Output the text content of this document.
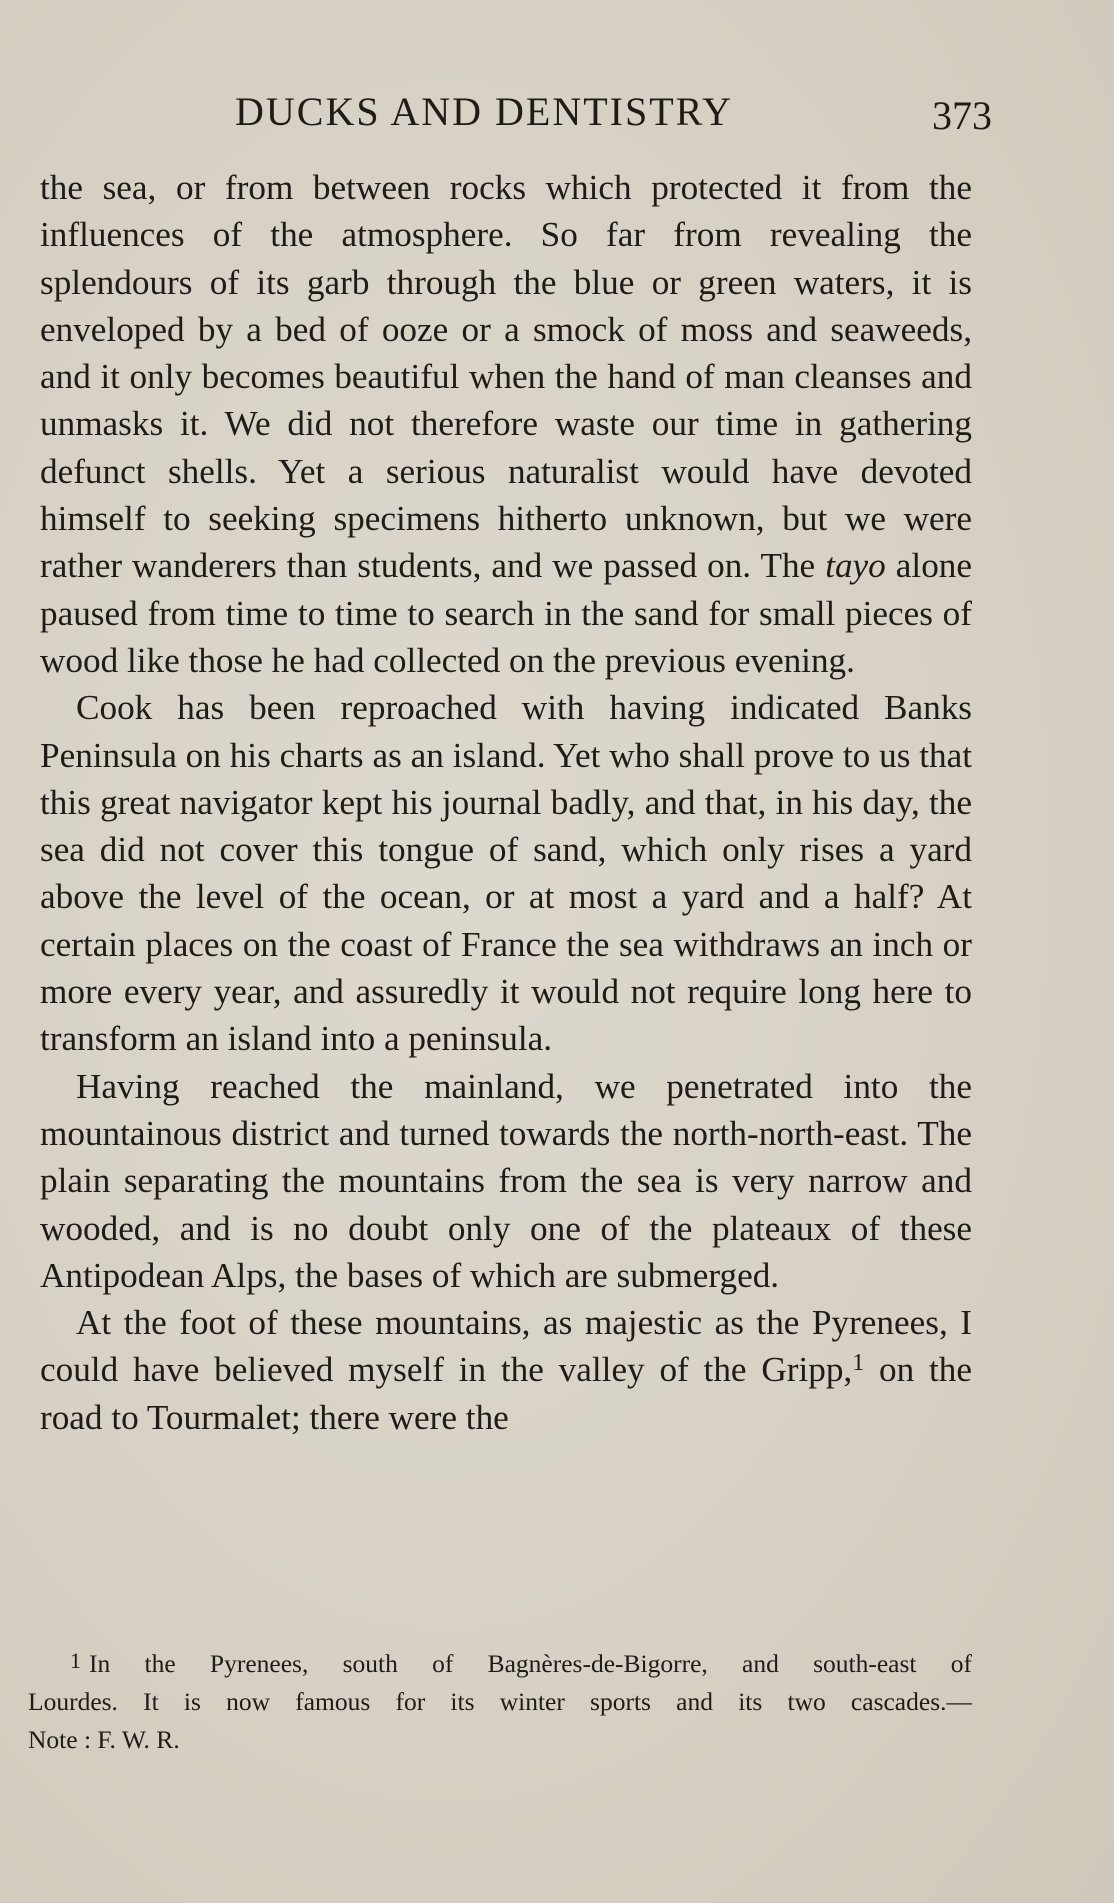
DUCKS AND DENTISTRY	373

the sea, or from between rocks which protected it from the influences of the atmosphere. So far from revealing the splendours of its garb through the blue or green waters, it is enveloped by a bed of ooze or a smock of moss and seaweeds, and it only becomes beautiful when the hand of man cleanses and unmasks it. We did not therefore waste our time in gathering defunct shells. Yet a serious naturalist would have devoted himself to seeking specimens hitherto unknown, but we were rather wanderers than students, and we passed on. The tayo alone paused from time to time to search in the sand for small pieces of wood like those he had collected on the previous evening.

Cook has been reproached with having indicated Banks Peninsula on his charts as an island. Yet who shall prove to us that this great navigator kept his journal badly, and that, in his day, the sea did not cover this tongue of sand, which only rises a yard above the level of the ocean, or at most a yard and a half? At certain places on the coast of France the sea withdraws an inch or more every year, and assuredly it would not require long here to transform an island into a peninsula.

Having reached the mainland, we penetrated into the mountainous district and turned towards the north-north-east. The plain separating the mountains from the sea is very narrow and wooded, and is no doubt only one of the plateaux of these Antipodean Alps, the bases of which are submerged.

At the foot of these mountains, as majestic as the Pyrenees, I could have believed myself in the valley of the Gripp,$^1$ on the road to Tourmalet; there were the

1 In the Pyrenees, south of Bagnères-de-Bigorre, and south-east of
Lourdes. It is now famous for its winter sports and its two cascades.—
Note : F. W. R.
